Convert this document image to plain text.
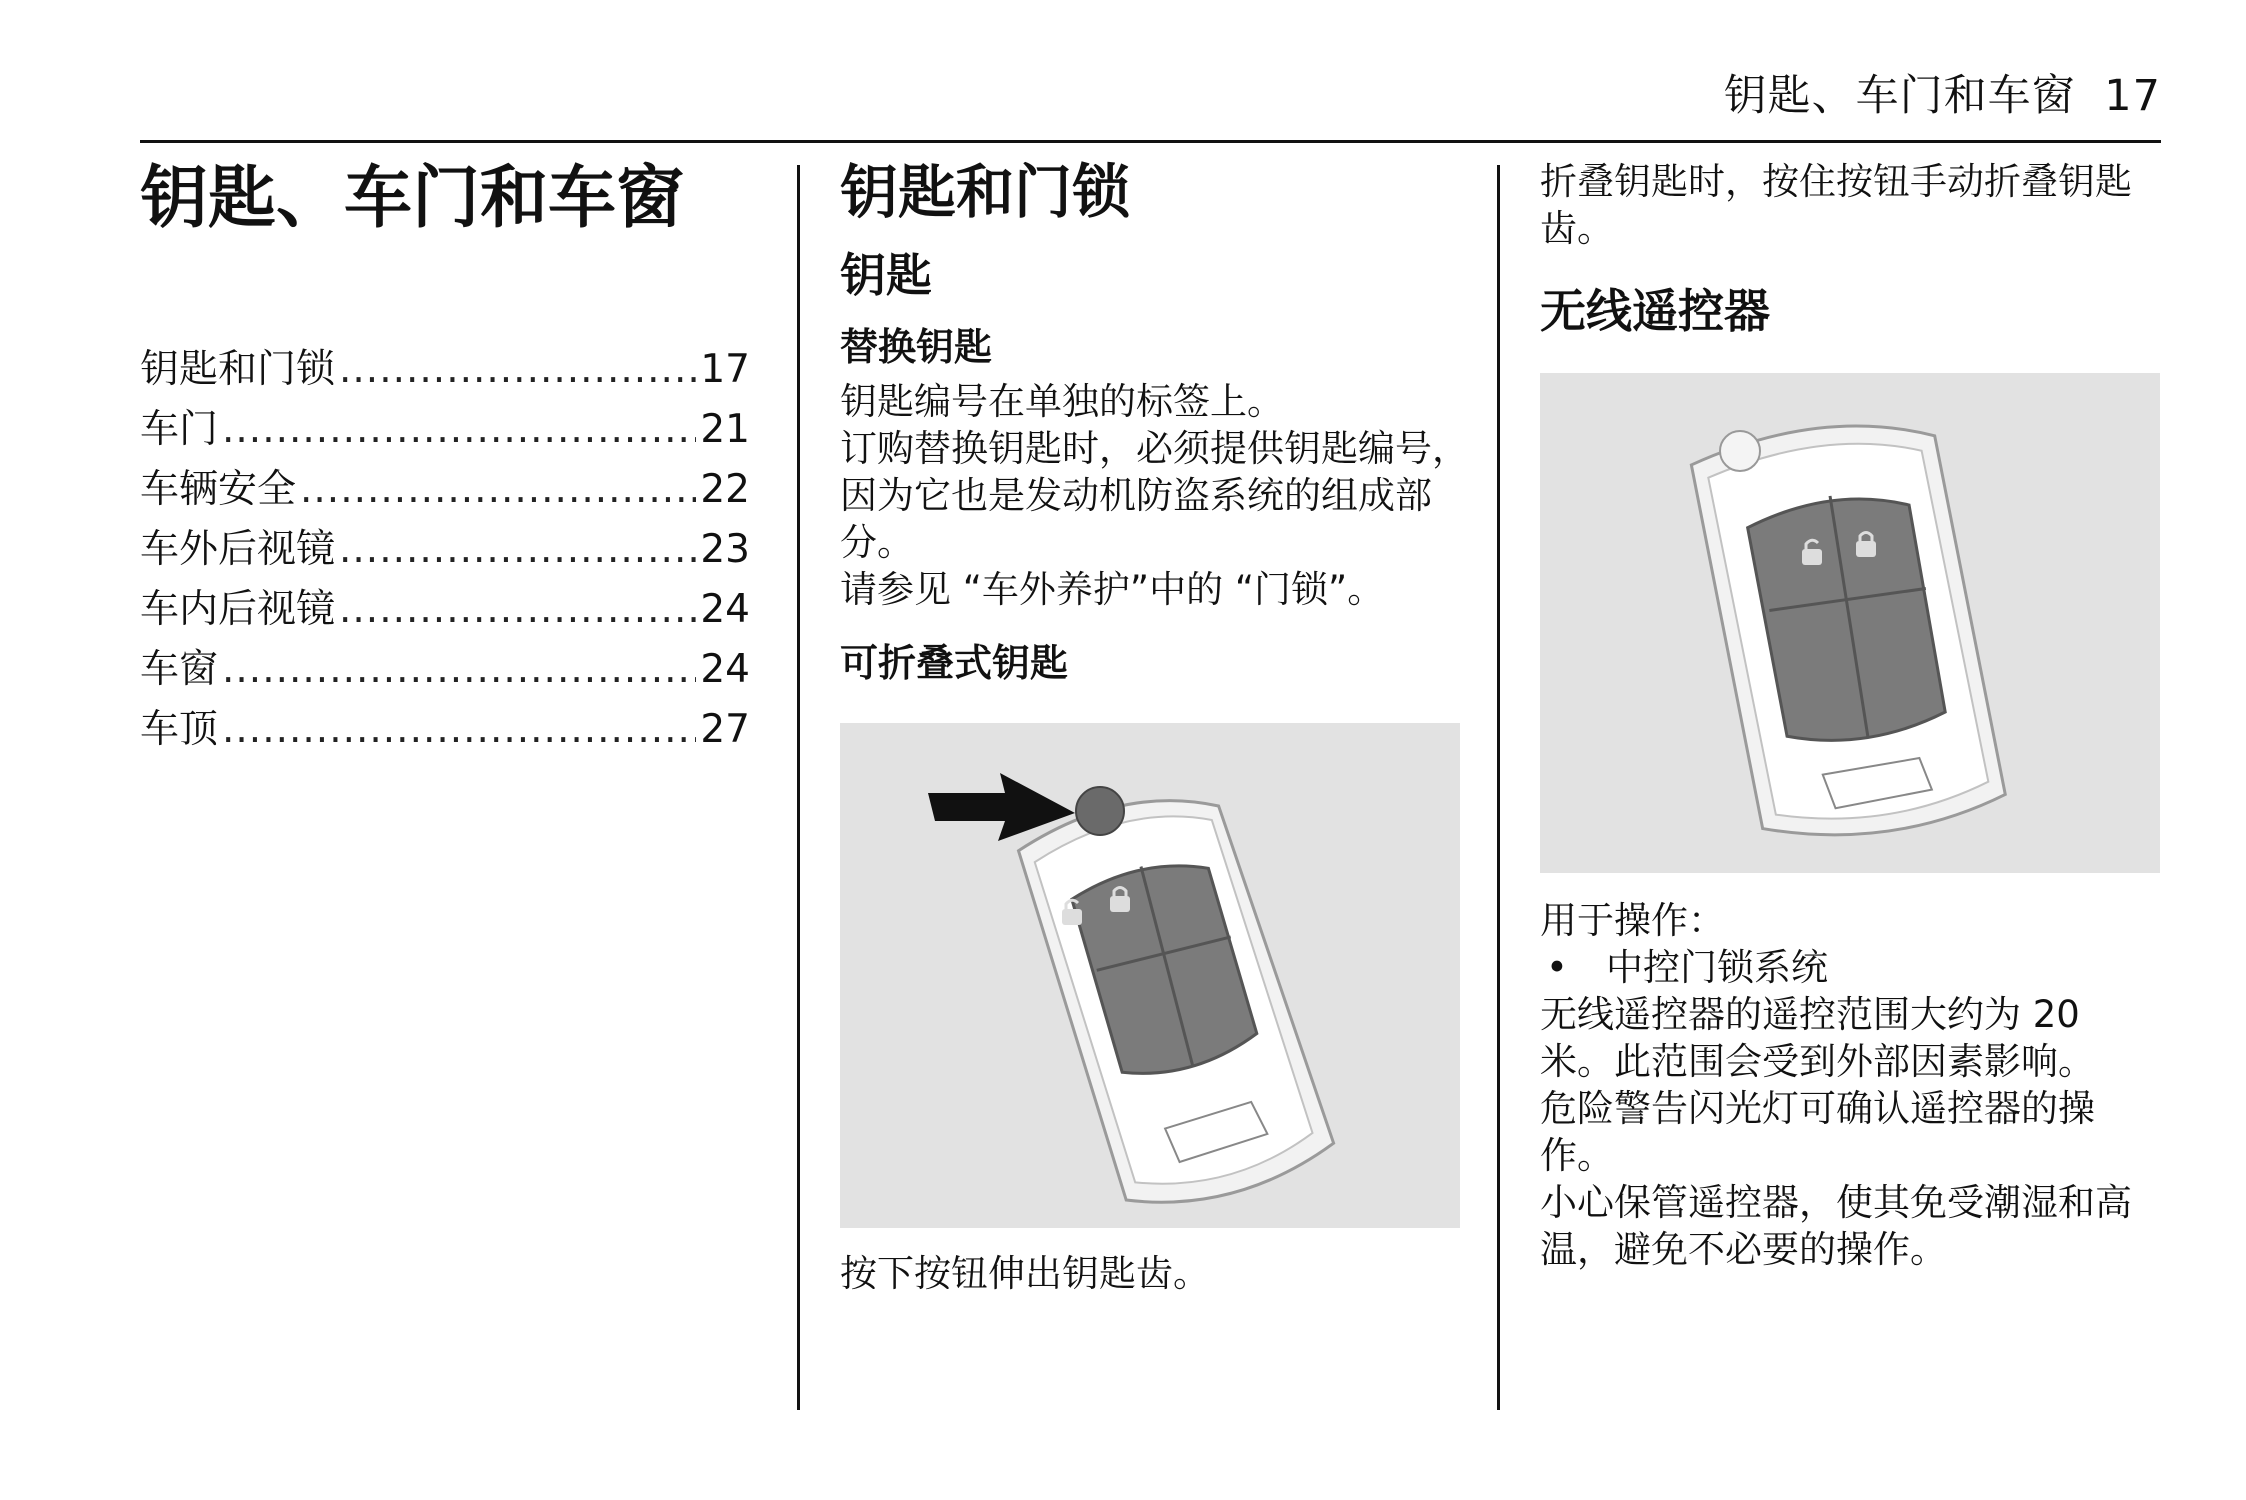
钥匙、车门和车窗 17
钥匙、车门和车窗
钥匙和门锁 .....	17
车门 .....	21
车辆安全 .....	22
车外后视镜 .....	23
车内后视镜 .....	24
车窗 .....	24
车顶 .....	27
钥匙和门锁
钥匙
替换钥匙

钥匙编号在单独的标签上。

订购替换钥匙时，必须提供钥匙编号，因为它也是发动机防盗系统的组成部分。

请参见 “车外养护”中的 “门锁”。

可折叠式钥匙

按下按钮伸出钥匙齿。

折叠钥匙时，按住按钮手动折叠钥匙齿。

无线遥控器

用于操作：

•	中控门锁系统

无线遥控器的遥控范围大约为 20 米。此范围会受到外部因素影响。

危险警告闪光灯可确认遥控器的操作。

小心保管遥控器，使其免受潮湿和高温，避免不必要的操作。
